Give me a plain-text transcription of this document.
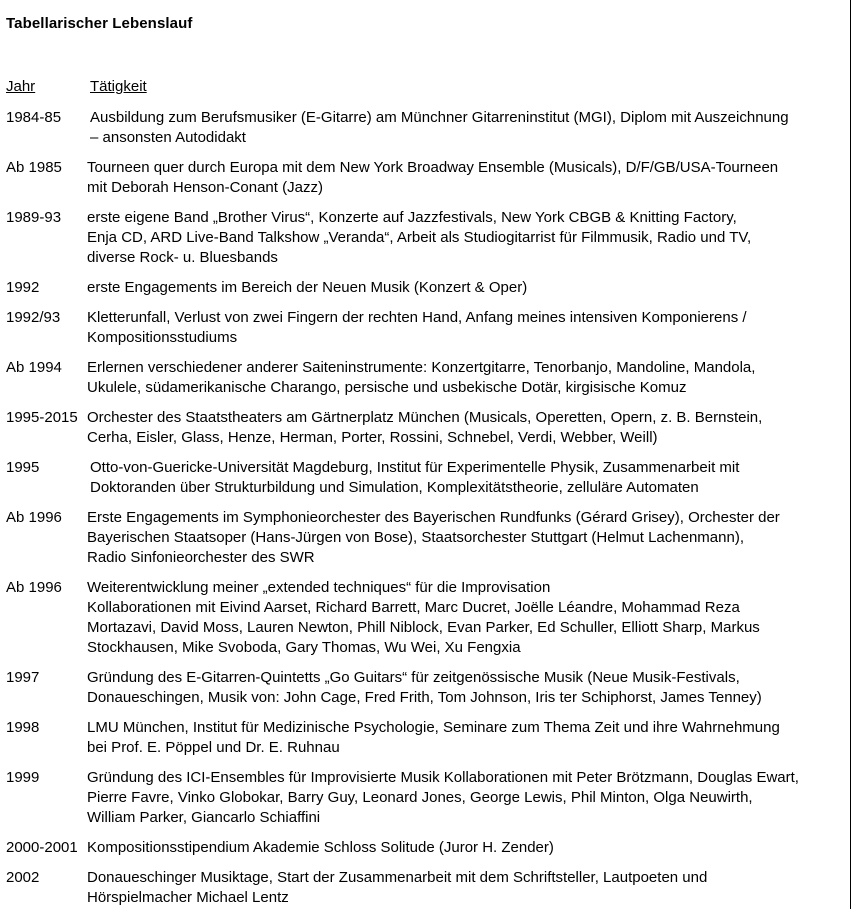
Tabellarischer Lebenslauf
Jahr	Tätigkeit
1984-85 Ausbildung zum Berufsmusiker (E-Gitarre) am Münchner Gitarreninstitut (MGI), Diplom mit Auszeichnung
– ansonsten Autodidakt
Ab 1985 Tourneen quer durch Europa mit dem New York Broadway Ensemble (Musicals), D/F/GB/USA-Tourneen
mit Deborah Henson-Conant (Jazz)
1989-93 erste eigene Band „Brother Virus“, Konzerte auf Jazzfestivals, New York CBGB & Knitting Factory,
Enja CD, ARD Live-Band Talkshow „Veranda“, Arbeit als Studiogitarrist für Filmmusik, Radio und TV,
diverse Rock- u. Bluesbands
1992	erste Engagements im Bereich der Neuen Musik (Konzert & Oper)
1992/93 Kletterunfall, Verlust von zwei Fingern der rechten Hand, Anfang meines intensiven Komponierens /
Kompositionsstudiums
Ab 1994 Erlernen verschiedener anderer Saiteninstrumente: Konzertgitarre, Tenorbanjo, Mandoline, Mandola,
Ukulele, südamerikanische Charango, persische und usbekische Dotär, kirgisische Komuz
1995-2015 Orchester des Staatstheaters am Gärtnerplatz München (Musicals, Operetten, Opern, z. B. Bernstein,
Cerha, Eisler, Glass, Henze, Herman, Porter, Rossini, Schnebel, Verdi, Webber, Weill)
1995	Otto-von-Guericke-Universität Magdeburg, Institut für Experimentelle Physik, Zusammenarbeit mit
Doktoranden über Strukturbildung und Simulation, Komplexitätstheorie, zelluläre Automaten
Ab 1996 Erste Engagements im Symphonieorchester des Bayerischen Rundfunks (Gérard Grisey), Orchester der
Bayerischen Staatsoper (Hans-Jürgen von Bose), Staatsorchester Stuttgart (Helmut Lachenmann),
Radio Sinfonieorchester des SWR
Ab 1996 Weiterentwicklung meiner „extended techniques“ für die Improvisation
Kollaborationen mit Eivind Aarset, Richard Barrett, Marc Ducret, Joëlle Léandre, Mohammad Reza
Mortazavi, David Moss, Lauren Newton, Phill Niblock, Evan Parker, Ed Schuller, Elliott Sharp, Markus
Stockhausen, Mike Svoboda, Gary Thomas, Wu Wei, Xu Fengxia
1997	Gründung des E-Gitarren-Quintetts „Go Guitars“ für zeitgenössische Musik (Neue Musik-Festivals,
Donaueschingen, Musik von: John Cage, Fred Frith, Tom Johnson, Iris ter Schiphorst, James Tenney)
1998	LMU München, Institut für Medizinische Psychologie, Seminare zum Thema Zeit und ihre Wahrnehmung
bei Prof. E. Pöppel und Dr. E. Ruhnau
1999	Gründung des ICI-Ensembles für Improvisierte Musik Kollaborationen mit Peter Brötzmann, Douglas Ewart,
Pierre Favre, Vinko Globokar, Barry Guy, Leonard Jones, George Lewis, Phil Minton, Olga Neuwirth,
William Parker, Giancarlo Schiaffini
2000-2001 Kompositionsstipendium Akademie Schloss Solitude (Juror H. Zender)
2002	Donaueschinger Musiktage, Start der Zusammenarbeit mit dem Schriftsteller, Lautpoeten und
Hörspielmacher Michael Lentz
